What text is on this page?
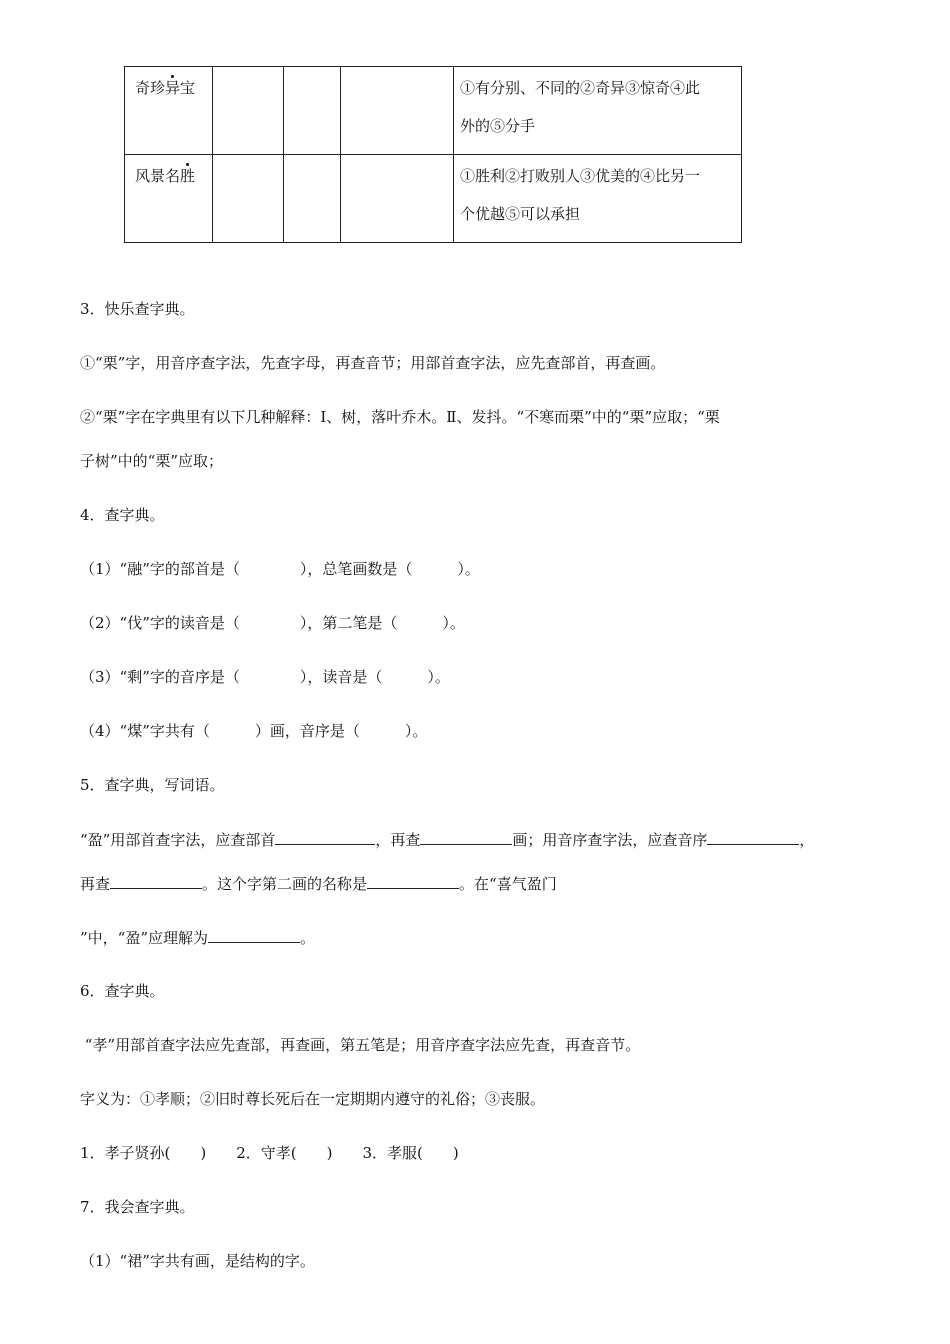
奇珍异宝				①有分别、不同的②奇异③惊奇④此
外的⑤分手

风景名胜				①胜利②打败别人③优美的④比另一
个优越⑤可以承担
3．快乐查字典。
①“栗”字，用音序查字法，先查字母，再查音节；用部首查字法，应先查部首，再查画。
②“栗”字在字典里有以下几种解释：Ⅰ、树，落叶乔木。Ⅱ、发抖。“不寒而栗”中的“栗”应取；“栗
子树”中的“栗”应取；
4．查字典。
（1）“融”字的部首是（　　　　），总笔画数是（　　　）。
（2）“伐”字的读音是（　　　　），第二笔是（　　　）。
（3）“剩”字的音序是（　　　　），读音是（　　　）。
（4）“煤”字共有（　　　）画，音序是（　　　）。
5．查字典，写词语。
“盈”用部首查字法，应查部首	，再查	画；用音序查字法，应查音序	，
再查	。这个字第二画的名称是	。在“喜气盈门
”中，“盈”应理解为	。
6．查字典。
“孝”用部首查字法应先查部，再查画，第五笔是；用音序查字法应先查，再查音节。
字义为：①孝顺；②旧时尊长死后在一定期期内遵守的礼俗；③丧服。
1．孝子贤孙(　　)　　2．守孝(　　)　　3．孝服(　　)
7．我会查字典。
（1）“裙”字共有画，是结构的字。
